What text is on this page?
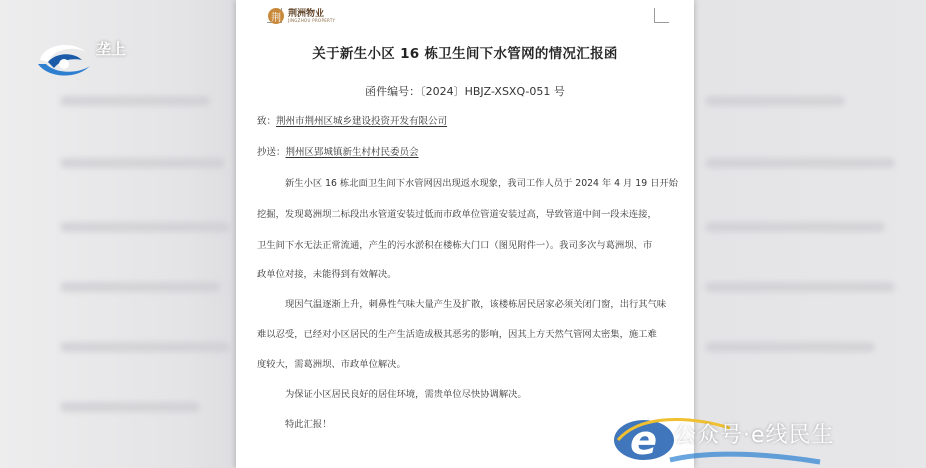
垄上
荆 荆洲物业
JINGZHOU PROPERTY
关于新生小区 16 栋卫生间下水管网的情况汇报函
函件编号：〔2024〕HBJZ-XSXQ-051 号
致：荆州市荆州区城乡建设投资开发有限公司
抄送：荆州区郢城镇新生村村民委员会
新生小区 16 栋北面卫生间下水管网因出现返水现象，我司工作人员于 2024 年 4 月 19 日开始
挖掘，发现葛洲坝二标段出水管道安装过低而市政单位管道安装过高，导致管道中间一段未连接，
卫生间下水无法正常流通，产生的污水淤积在楼栋大门口（图见附件一）。我司多次与葛洲坝、市
政单位对接，未能得到有效解决。
现因气温逐渐上升，刺鼻性气味大量产生及扩散，该楼栋居民居家必须关闭门窗，出行其气味
难以忍受，已经对小区居民的生产生活造成极其恶劣的影响，因其上方天然气管网太密集，施工难
度较大，需葛洲坝、市政单位解决。
为保证小区居民良好的居住环境，需贵单位尽快协调解决。
特此汇报！	e 公众号·e线民生
